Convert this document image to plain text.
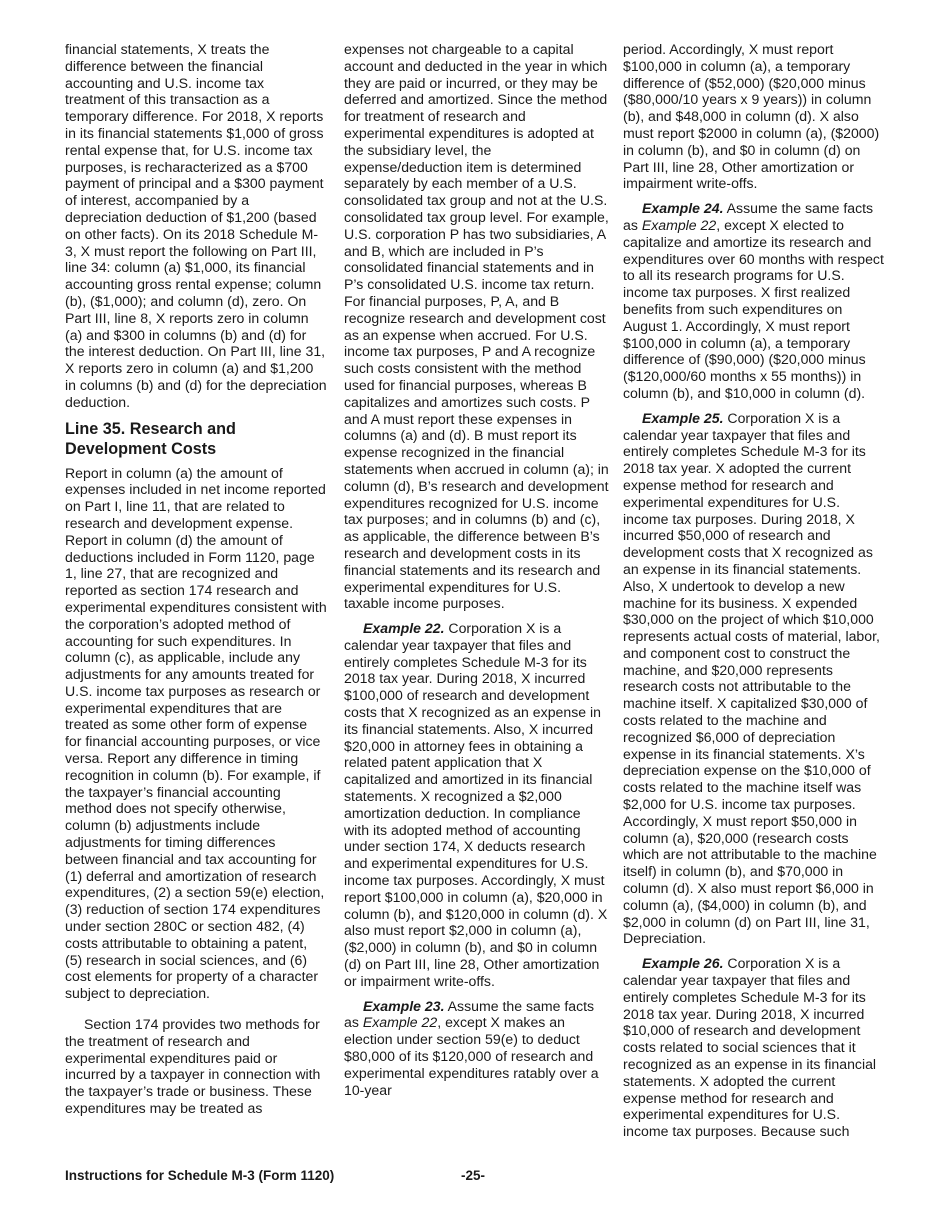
financial statements, X treats the difference between the financial accounting and U.S. income tax treatment of this transaction as a temporary difference. For 2018, X reports in its financial statements $1,000 of gross rental expense that, for U.S. income tax purposes, is recharacterized as a $700 payment of principal and a $300 payment of interest, accompanied by a depreciation deduction of $1,200 (based on other facts). On its 2018 Schedule M-3, X must report the following on Part III, line 34: column (a) $1,000, its financial accounting gross rental expense; column (b), ($1,000); and column (d), zero. On Part III, line 8, X reports zero in column (a) and $300 in columns (b) and (d) for the interest deduction. On Part III, line 31, X reports zero in column (a) and $1,200 in columns (b) and (d) for the depreciation deduction.

Line 35. Research and Development Costs

Report in column (a) the amount of expenses included in net income reported on Part I, line 11, that are related to research and development expense. Report in column (d) the amount of deductions included in Form 1120, page 1, line 27, that are recognized and reported as section 174 research and experimental expenditures consistent with the corporation’s adopted method of accounting for such expenditures. In column (c), as applicable, include any adjustments for any amounts treated for U.S. income tax purposes as research or experimental expenditures that are treated as some other form of expense for financial accounting purposes, or vice versa. Report any difference in timing recognition in column (b). For example, if the taxpayer’s financial accounting method does not specify otherwise, column (b) adjustments include adjustments for timing differences between financial and tax accounting for (1) deferral and amortization of research expenditures, (2) a section 59(e) election, (3) reduction of section 174 expenditures under section 280C or section 482, (4) costs attributable to obtaining a patent, (5) research in social sciences, and (6) cost elements for property of a character subject to depreciation.

Section 174 provides two methods for the treatment of research and experimental expenditures paid or incurred by a taxpayer in connection with the taxpayer’s trade or business. These expenditures may be treated as

expenses not chargeable to a capital account and deducted in the year in which they are paid or incurred, or they may be deferred and amortized. Since the method for treatment of research and experimental expenditures is adopted at the subsidiary level, the expense/deduction item is determined separately by each member of a U.S. consolidated tax group and not at the U.S. consolidated tax group level. For example, U.S. corporation P has two subsidiaries, A and B, which are included in P’s consolidated financial statements and in P’s consolidated U.S. income tax return. For financial purposes, P, A, and B recognize research and development cost as an expense when accrued. For U.S. income tax purposes, P and A recognize such costs consistent with the method used for financial purposes, whereas B capitalizes and amortizes such costs. P and A must report these expenses in columns (a) and (d). B must report its expense recognized in the financial statements when accrued in column (a); in column (d), B’s research and development expenditures recognized for U.S. income tax purposes; and in columns (b) and (c), as applicable, the difference between B’s research and development costs in its financial statements and its research and experimental expenditures for U.S. taxable income purposes.

Example 22. Corporation X is a calendar year taxpayer that files and entirely completes Schedule M-3 for its 2018 tax year. During 2018, X incurred $100,000 of research and development costs that X recognized as an expense in its financial statements. Also, X incurred $20,000 in attorney fees in obtaining a related patent application that X capitalized and amortized in its financial statements. X recognized a $2,000 amortization deduction. In compliance with its adopted method of accounting under section 174, X deducts research and experimental expenditures for U.S. income tax purposes. Accordingly, X must report $100,000 in column (a), $20,000 in column (b), and $120,000 in column (d). X also must report $2,000 in column (a), ($2,000) in column (b), and $0 in column (d) on Part III, line 28, Other amortization or impairment write-offs.

Example 23. Assume the same facts as Example 22, except X makes an election under section 59(e) to deduct $80,000 of its $120,000 of research and experimental expenditures ratably over a 10-year

period. Accordingly, X must report $100,000 in column (a), a temporary difference of ($52,000) ($20,000 minus ($80,000/10 years x 9 years)) in column (b), and $48,000 in column (d). X also must report $2000 in column (a), ($2000) in column (b), and $0 in column (d) on Part III, line 28, Other amortization or impairment write-offs.

Example 24. Assume the same facts as Example 22, except X elected to capitalize and amortize its research and expenditures over 60 months with respect to all its research programs for U.S. income tax purposes. X first realized benefits from such expenditures on August 1. Accordingly, X must report $100,000 in column (a), a temporary difference of ($90,000) ($20,000 minus ($120,000/60 months x 55 months)) in column (b), and $10,000 in column (d).

Example 25. Corporation X is a calendar year taxpayer that files and entirely completes Schedule M-3 for its 2018 tax year. X adopted the current expense method for research and experimental expenditures for U.S. income tax purposes. During 2018, X incurred $50,000 of research and development costs that X recognized as an expense in its financial statements. Also, X undertook to develop a new machine for its business. X expended $30,000 on the project of which $10,000 represents actual costs of material, labor, and component cost to construct the machine, and $20,000 represents research costs not attributable to the machine itself. X capitalized $30,000 of costs related to the machine and recognized $6,000 of depreciation expense in its financial statements. X’s depreciation expense on the $10,000 of costs related to the machine itself was $2,000 for U.S. income tax purposes. Accordingly, X must report $50,000 in column (a), $20,000 (research costs which are not attributable to the machine itself) in column (b), and $70,000 in column (d). X also must report $6,000 in column (a), ($4,000) in column (b), and $2,000 in column (d) on Part III, line 31, Depreciation.

Example 26. Corporation X is a calendar year taxpayer that files and entirely completes Schedule M-3 for its 2018 tax year. During 2018, X incurred $10,000 of research and development costs related to social sciences that it recognized as an expense in its financial statements. X adopted the current expense method for research and experimental expenditures for U.S. income tax purposes. Because such

Instructions for Schedule M-3 (Form 1120)	-25-
